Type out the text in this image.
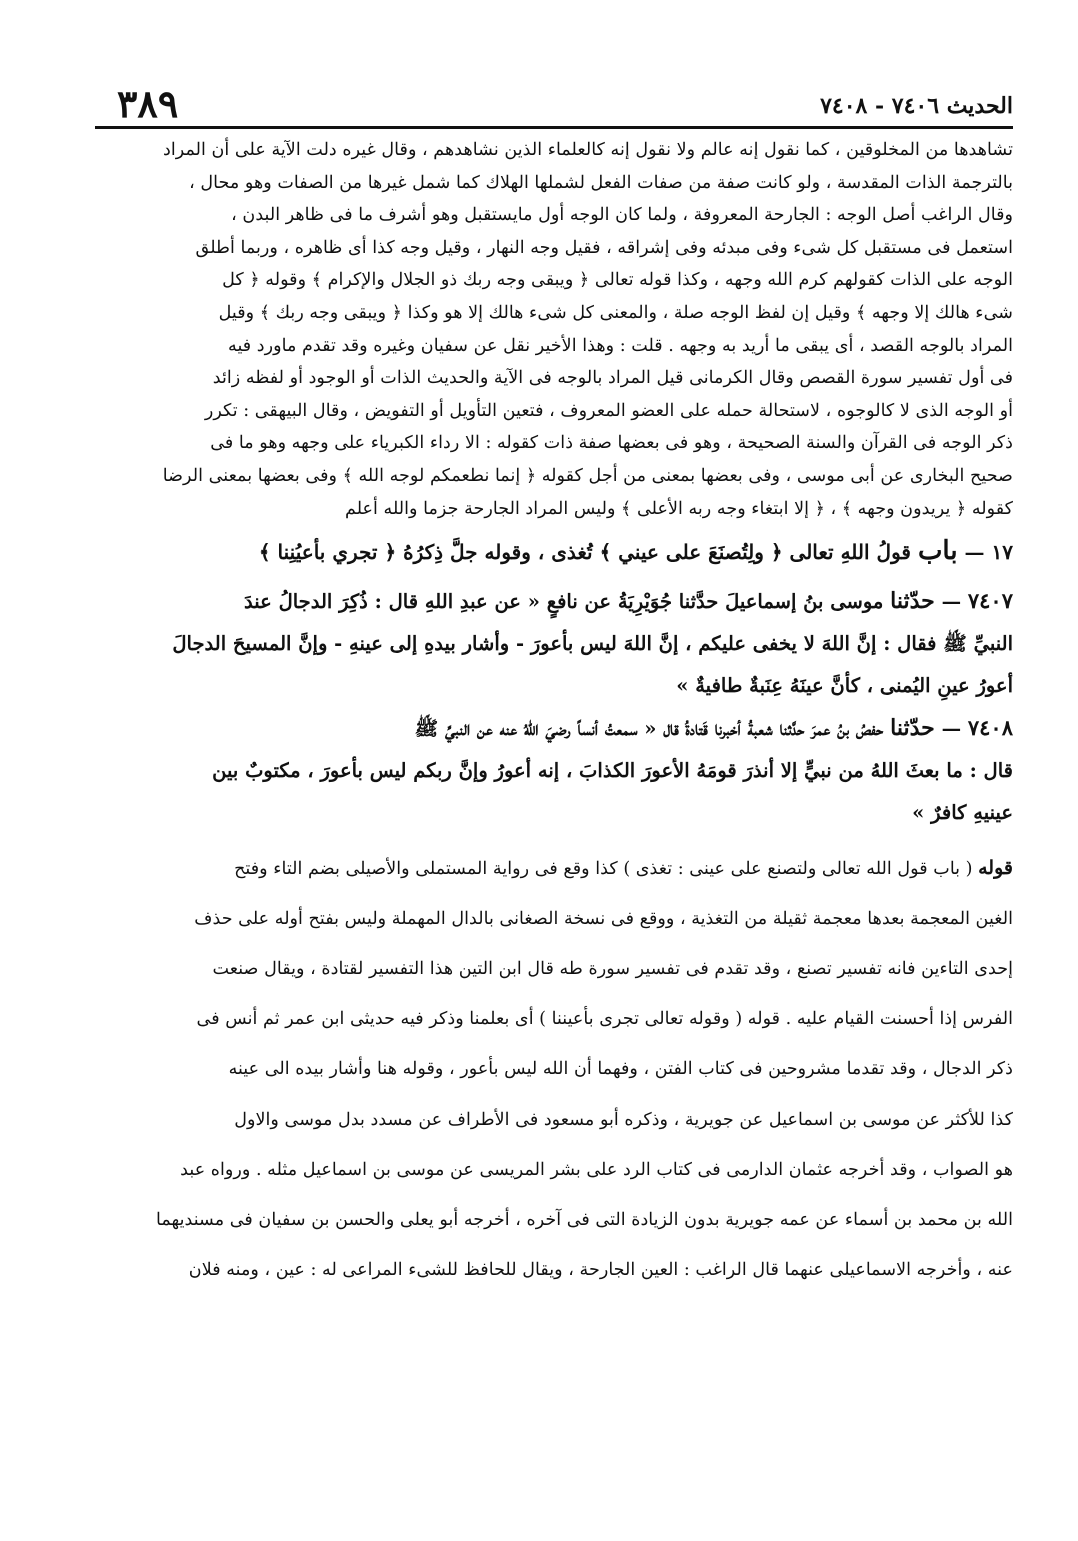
٣٨٩	الحديث ٧٤٠٦ - ٧٤٠٨

تشاهدها من المخلوقين ، كما نقول إنه عالم ولا نقول إنه كالعلماء الذين نشاهدهم ، وقال غيره دلت الآية على أن المراد

بالترجمة الذات المقدسة ، ولو كانت صفة من صفات الفعل لشملها الهلاك كما شمل غيرها من الصفات وهو محال ،

وقال الراغب أصل الوجه : الجارحة المعروفة ، ولما كان الوجه أول مايستقبل وهو أشرف ما فى ظاهر البدن ،

استعمل فى مستقبل كل شىء وفى مبدئه وفى إشراقه ، فقيل وجه النهار ، وقيل وجه كذا أى ظاهره ، وربما أطلق

الوجه على الذات كقولهم كرم الله وجهه ، وكذا قوله تعالى ﴿ ويبقى وجه ربك ذو الجلال والإكرام ﴾ وقوله ﴿ كل

شىء هالك إلا وجهه ﴾ وقيل إن لفظ الوجه صلة ، والمعنى كل شىء هالك إلا هو وكذا ﴿ ويبقى وجه ربك ﴾ وقيل

المراد بالوجه القصد ، أى يبقى ما أريد به وجهه . قلت : وهذا الأخير نقل عن سفيان وغيره وقد تقدم ماورد فيه

فى أول تفسير سورة القصص وقال الكرمانى قيل المراد بالوجه فى الآية والحديث الذات أو الوجود أو لفظه زائد

أو الوجه الذى لا كالوجوه ، لاستحالة حمله على العضو المعروف ، فتعين التأويل أو التفويض ، وقال البيهقى : تكرر

ذكر الوجه فى القرآن والسنة الصحيحة ، وهو فى بعضها صفة ذات كقوله : الا رداء الكبرياء على وجهه وهو ما فى

صحيح البخارى عن أبى موسى ، وفى بعضها بمعنى من أجل كقوله ﴿ إنما نطعمكم لوجه الله ﴾ وفى بعضها بمعنى الرضا

كقوله ﴿ يريدون وجهه ﴾ ، ﴿ إلا ابتغاء وجه ربه الأعلى ﴾ وليس المراد الجارحة جزما والله أعلم

١٧ — باب قولُ اللهِ تعالى ﴿ ولِتُصنَعَ على عيني ﴾ تُغذى ، وقوله جلَّ ذِكرُهُ ﴿ تجري بأعيُنِنا ﴾

٧٤٠٧ — حدّثنا موسى بنُ إسماعيلَ حدَّثنا جُوَيْرِيَةُ عن نافعٍ « عن عبدِ اللهِ قال : ذُكِرَ الدجالُ عندَ

النبيِّ ﷺ فقال : إنَّ اللهَ لا يخفى عليكم ، إنَّ اللهَ ليس بأعورَ - وأشار بيدهِ إلى عينهِ - وإنَّ المسيحَ الدجالَ

أعورُ عينِ اليُمنى ، كأنَّ عينَهُ عِنَبةٌ طافيةٌ »

٧٤٠٨ — حدّثنا حفصُ بنُ عمرَ حدَّثنا شعبةُ أخبرنا قَتادةُ قال « سمعتُ أنساً رضيَ اللهُ عنه عن النبيِّ ﷺ

قال : ما بعثَ اللهُ من نبيٍّ إلا أنذرَ قومَهُ الأعورَ الكذابَ ، إنه أعورُ وإنَّ ربكم ليس بأعورَ ، مكتوبٌ بين

عينيهِ كافرٌ »

قوله ( باب قول الله تعالى ولتصنع على عينى : تغذى ) كذا وقع فى رواية المستملى والأصيلى بضم التاء وفتح

الغين المعجمة بعدها معجمة ثقيلة من التغذية ، ووقع فى نسخة الصغانى بالدال المهملة وليس بفتح أوله على حذف

إحدى التاءين فانه تفسير تصنع ، وقد تقدم فى تفسير سورة طه قال ابن التين هذا التفسير لقتادة ، ويقال صنعت

الفرس إذا أحسنت القيام عليه . قوله ( وقوله تعالى تجرى بأعيننا ) أى بعلمنا وذكر فيه حديثى ابن عمر ثم أنس فى

ذكر الدجال ، وقد تقدما مشروحين فى كتاب الفتن ، وفهما أن الله ليس بأعور ، وقوله هنا وأشار بيده الى عينه

كذا للأكثر عن موسى بن اسماعيل عن جويرية ، وذكره أبو مسعود فى الأطراف عن مسدد بدل موسى والاول

هو الصواب ، وقد أخرجه عثمان الدارمى فى كتاب الرد على بشر المريسى عن موسى بن اسماعيل مثله . ورواه عبد

الله بن محمد بن أسماء عن عمه جويرية بدون الزيادة التى فى آخره ، أخرجه أبو يعلى والحسن بن سفيان فى مسنديهما

عنه ، وأخرجه الاسماعيلى عنهما قال الراغب : العين الجارحة ، ويقال للحافظ للشىء المراعى له : عين ، ومنه فلان
